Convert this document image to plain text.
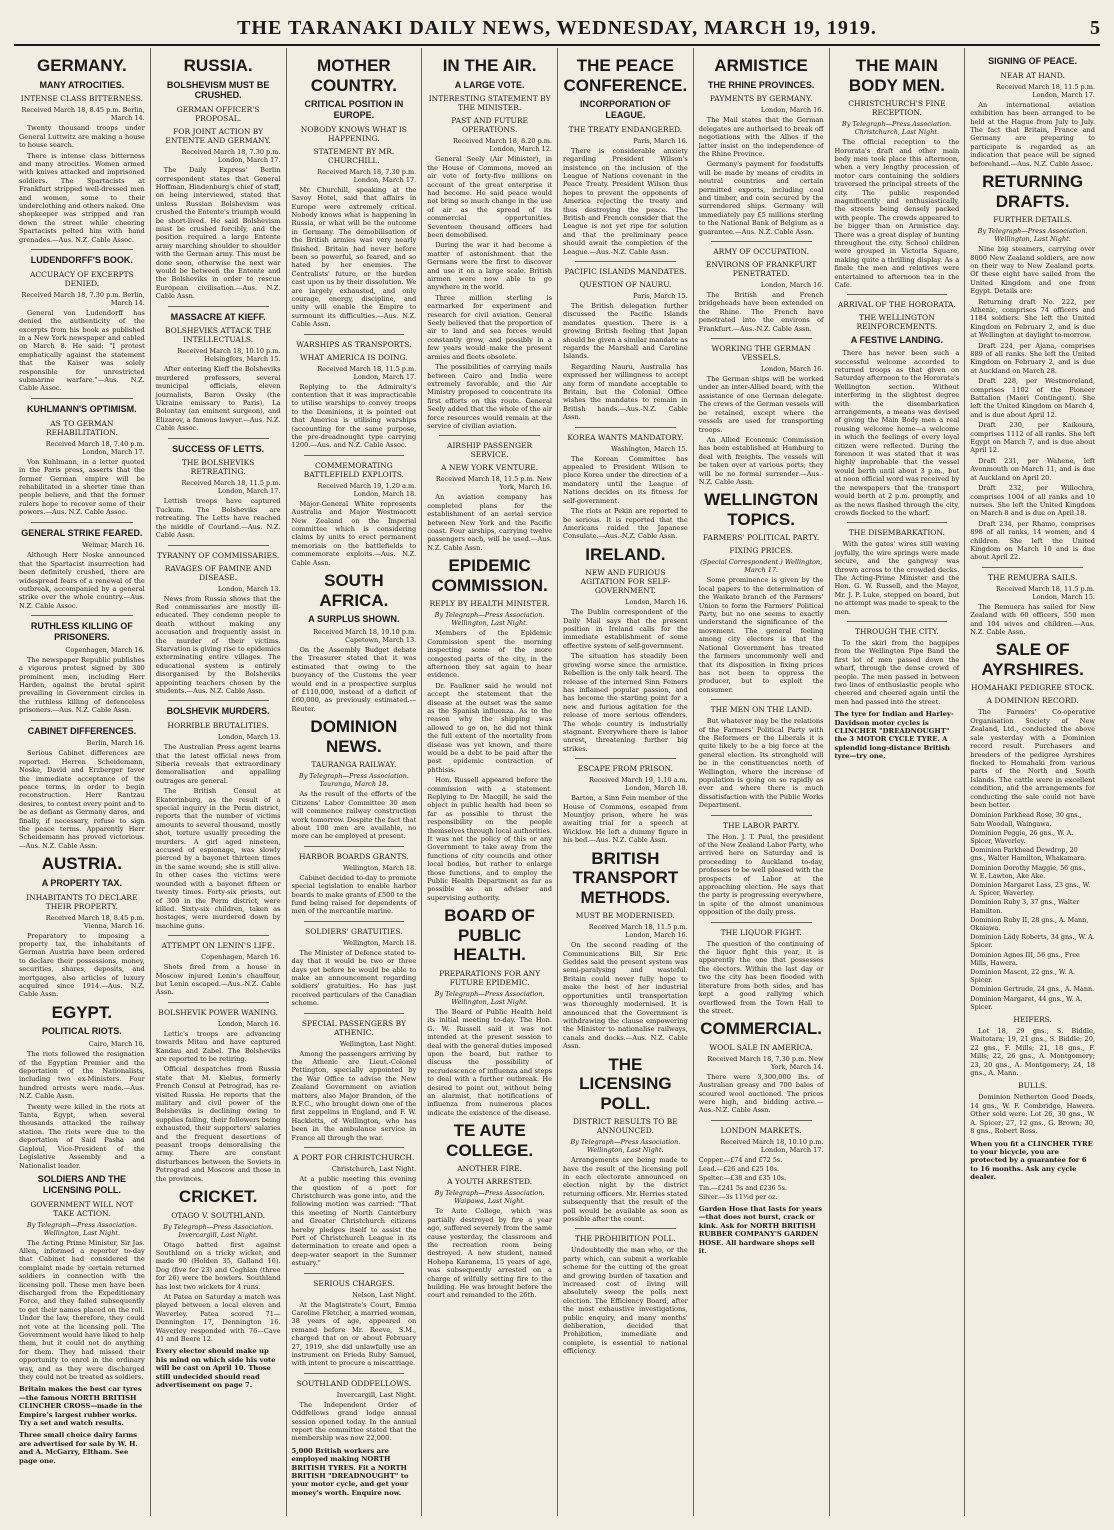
THE TARANAKI DAILY NEWS, WEDNESDAY, MARCH 19, 1919.	5
GERMANY.
MANY ATROCITIES.
INTENSE CLASS BITTERNESS.
Received March 18, 8.45 p.m. Berlin, March 14.

Twenty thousand troops under General Luttwitz are making a house to house search.

There is intense class bitterness and many atrocities. Women armed with knives attacked and imprisoned soldiers. The Spartacists at Frankfurt stripped well-dressed men and women, some to their underclothing and others naked. One shopkeeper was stripped and ran down the street while cheering Spartacists pelted him with hand grenades.—Aus. N.Z. Cable Assoc.

LUDENDORFF'S BOOK.
ACCURACY OF EXCERPTS DENIED.
Received March 18, 7.30 p.m. Berlin, March 14.

General von Ludendorff has denied the authenticity of the excerpts from his book as published in a New York newspaper and cabled on March 8. He said: "I protest emphatically against the statement that the Kaiser was solely responsible for unrestricted submarine warfare."—Aus. N.Z. Cable Assoc.

KUHLMANN'S OPTIMISM.
AS TO GERMAN REHABILITATION.
Received March 18, 7.40 p.m. London, March 17.

Von Kuhlmann, in a letter quoted in the Paris press, asserts that the former German empire will be rehabilitated in a shorter time than people believe, and that the former rulers hope to recover some of their powers.—Aus. N.Z. Cable Assoc.

GENERAL STRIKE FEARED.
Weimar, March 16.

Although Herr Noske announced that the Spartacist insurrection had been definitely crushed, there are widespread fears of a renewal of the outbreak, accompanied by a general strike over the whole country.—Aus. N.Z. Cable Assoc.

RUTHLESS KILLING OF PRISONERS.
Copenhagen, March 16.

The newspaper Republic publishes a vigorous protest signed by 300 prominent men, including Herr Harden, against the brutal spirit prevailing in Government circles in the ruthless killing of defenceless prisoners.—Aus. N.Z. Cable Assn.

CABINET DIFFERENCES.
Berlin, March 16.

Serious Cabinet differences are reported. Herren Scheidemann, Noske, David and Erzberger favor the immediate acceptance of the peace terms, in order to begin reconstruction. Herr Rantzau desires, to contest every point and to be as defiant as Germany dares, and finally, if necessary, refuse to sign the peace terms. Apparently Herr Scheidemann has proved victorious.—Aus. N.Z. Cable Assn.

AUSTRIA.
A PROPERTY TAX.
INHABITANTS TO DECLARE THEIR PROPERTY.
Received March 18, 8.45 p.m. Vienna, March 16.

Preparatory to imposing a property tax, the inhabitants of German Austria have been ordered to declare their possessions, money, securities, shares, deposits, and mortgages, also articles of luxury acquired since 1914.—Aus. N.Z. Cable Assn.

EGYPT.
POLITICAL RIOTS.
Cairo, March 16.

The riots followed the resignation of the Egyptian Premier and the deportation of the Nationalists, including two ex-Ministers. Four hundred arrests were made.—Aus. N.Z. Cable Assn.

Twenty were killed in the riots at Tanta, Egypt, when several thousands attacked the railway station. The riots were due to the deportation of Said Pasha and Gaploul, Vice-President of the Legislative Assembly and a Nationalist leader.

SOLDIERS AND THE LICENSING POLL.
GOVERNMENT WILL NOT TAKE ACTION.
By Telegraph—Press Association. Wellington, Last Night.

The Acting Prime Minister, Sir Jas. Allen, informed a reporter to-day that Cabinet had considered the complaint made by certain returned soldiers in connection with the licensing poll. These men have been discharged from the Expeditionary Force, and they failed subsequently to get their names placed on the roll. Under the law, therefore, they could not vote at the licensing poll. The Government would have liked to help them, but it could not do anything for them. They had missed their opportunity to enrol in the ordinary way, and as they were discharged they could not be treated as soldiers.

Britain makes the best car tyres—the famous NORTH BRITISH CLINCHER CROSS—made in the Empire's largest rubber works. Try a set and watch results.
Three small choice dairy farms are advertised for sale by W. H. and A. McGarry, Eltham. See page one.
RUSSIA.
BOLSHEVISM MUST BE CRUSHED.
GERMAN OFFICER'S PROPOSAL.
FOR JOINT ACTION BY ENTENTE AND GERMANY.
Received March 18, 7.30 p.m. London, March 17.

The Daily Express' Berlin correspondent states that General Hoffman, Hindenburg's chief of staff, on being interviewed, stated that unless Russian Bolshevism was crushed the Entente's triumph would be short-lived. He said Bolshevism must be crushed forcibly, and the position required a large Entente army marching shoulder to shoulder with the German army. This must be done soon, otherwise the next war would be between the Entente and the Bolsheviks in order to rescue European civilisation.—Aus. N.Z. Cable Assn.

MASSACRE AT KIEFF.
BOLSHEVIKS ATTACK THE INTELLECTUALS.
Received March 18, 10.10 p.m. Helsingfors, March 15.

After entering Kieff the Bolsheviks murdered professors, several municipal officials, eleven journalists, Baron Ovsky (the Ukraine emissary to Paris), La Bolontay (an eminent surgeon), and Elizarov, a famous lawyer.—Aus. N.Z. Cable Assoc.

SUCCESS OF LETTS.
THE BOLSHEVIKS RETREATING.
Received March 18, 11.5 p.m. London, March 17.

Lettish troops have captured Tuckum. The Bolsheviks are retreating. The Letts have reached the middle of Courland.—Aus. N.Z. Cable Assn.

TYRANNY OF COMMISSARIES.
RAVAGES OF FAMINE AND DISEASE.
London, March 13.

News from Russia shows that the Red commissaries are mostly ill-educated. They condemn people to death without making any accusation and frequently assist in the murder of their victims. Starvation is giving rise to epidemics exterminating entire villages. The educational system is entirely disorganised by the Bolsheviks appointing teachers chosen by the students.—Aus. N.Z. Cable Assn.

BOLSHEVIK MURDERS.
HORRIBLE BRUTALITIES.
London, March 13.

The Australian Press agent learns that the latest official news from Siberia reveals that extraordinary demoralisation and appalling outrages are general.

The British Consul at Ekaterinburg, as the result of a special inquiry in the Perm district, reports that the number of victims amounts to several thousand, mostly shot, torture usually preceding the murders. A girl aged nineteen, accused of espionage, was slowly pierced by a bayonet thirteen times in the same wound; she is still alive. In other cases the victims were wounded with a bayonet fifteen or twenty times. Forty-six priests, out of 300 in the Perm district, were killed. Sixty-six children, taken as hostages, were murdered down by machine guns.

ATTEMPT ON LENIN'S LIFE.
Copenhagen, March 16.

Shots fired from a house in Moscow injured Lenin's chauffeur, but Lenin escaped.—Aus.-N.Z. Cable Assn.

BOLSHEVIK POWER WANING.
London, March 16.

Lettic's troops are advancing towards Mitau and have captured Kandau and Zabel. The Bolsheviks are reported to be retiring.

Official despatches from Russia state that M. Kiebus, formerly French Consul at Petrograd, has re-visited Russia. He reports that the military and civil power of the Bolsheviks is declining owing to supplies failing, their followers being exhausted, their supporters' salaries and the frequent desertions of peasant troops demoralising the army. There are constant disturbances between the Soviets in Petrograd and Moscow and those in the provinces.

CRICKET.
OTAGO V. SOUTHLAND.
By Telegraph—Press Association. Invercargill, Last Night.

Otago batted first against Southland on a tricky wicket, and made 90 (Holden 35, Galland 16). Dog (five for 23) and Coghlan (three for 26) were the bowlers. Southland has lost two wickets for 4 runs.

At Patea on Saturday a match was played between a local eleven and Waverley. Patea scored 71—Dennington 17, Dennington 16. Waverley responded with 76—Cave 41 and Beere 12.

Every elector should make up his mind on which side his vote will be cast on April 10. Those still undecided should read advertisement on page 7.
MOTHER COUNTRY.
CRITICAL POSITION IN EUROPE.
NOBODY KNOWS WHAT IS HAPPENING.
STATEMENT BY MR. CHURCHILL.
Received March 18, 7.30 p.m. London, March 17.

Mr. Churchill, speaking at the Savoy Hotel, said that affairs in Europe were extremely critical. Nobody knows what is happening in Russia, or what will be the outcome in Germany. The demobilisation of the British armies was very nearly finished. Britain had never before been so powerful, so feared, and so hated by her enemies. The Centralists' future, or the burden cast upon us by their dissolution. We are largely exhausted, and only courage, energy, discipline, and unity will enable the Empire to surmount its difficulties.—Aus. N.Z. Cable Assn.

WARSHIPS AS TRANSPORTS.
WHAT AMERICA IS DOING.
Received March 18, 11.5 p.m. London, March 17.

Replying to the Admiralty's contention that it was impracticable to utilise warships to convey troops to the Dominions, it is pointed out that America is utilising warships (accounting for the same purpose, the pre-dreadnought type carrying 1200.—Aus. and N.Z. Cable Assoc.

COMMEMORATING BATTLEFIELD EXPLOITS.
Received March 19, 1.20 a.m. London, March 18.

Major-General White represents Australia and Major Westmacott New Zealand on the Imperial committee which is considering claims by units to erect permanent memorials on the battlefields to commemorate exploits.—Aus. N.Z. Cable Assn.

SOUTH AFRICA.
A SURPLUS SHOWN.
Received March 18, 10.10 p.m. Capetown, March 13.

On the Assembly Budget debate the Treasurer stated that it was estimated that owing to the buoyancy of the Customs the year would end in a prospective surplus of £110,000, instead of a deficit of £60,000, as previously estimated.—Reuter.

DOMINION NEWS.
TAURANGA RAILWAY.
By Telegraph—Press Association. Tauranga, March 18.

As the result of the efforts of the Citizens' Labor Committee 30 men will commence railway construction work tomorrow. Despite the fact that about 100 men are available, no more can be employed at present.

HARBOR BOARDS GRANTS.
Wellington, March 18.

Cabinet decided to-day to promote special legislation to enable harbor boards to make grants of £500 to the fund being raised for dependents of men of the mercantile marine.

SOLDIERS' GRATUITIES.
Wellington, March 18.

The Minister of Defence stated to-day that it would be two or three days yet before he would be able to make an announcement regarding soldiers' gratuities. He has just received particulars of the Canadian scheme.

SPECIAL PASSENGERS BY ATHENIC.
Wellington, Last Night.

Among the passengers arriving by the Athenic are Lieut.-Colonel Pettington, specially appointed by the War Office to advise the New Zealand Government on aviation matters, also Major Brandon, of the R.F.C., who brought down one of the first zeppelins in England, and F. W. Hackletts, of Wellington, who has been in the ambulance service in France all through the war.

A PORT FOR CHRISTCHURCH.
Christchurch, Last Night.

At a public meeting this evening the question of a port for Christchurch was gone into, and the following motion was carried: "That this meeting of North Canterbury and Greater Christchurch citizens hereby pledges itself to assist the Port of Christchurch League in its determination to create and open a deep-water seaport in the Summer estuary."

SERIOUS CHARGES.
Nelson, Last Night.

At the Magistrate's Court, Emma Caroline Fletcher, a married woman, 38 years of age, appeared on remand before Mr. Reeve, S.M., charged that on or about February 27, 1919, she did unlawfully use an instrument on Frieda Ruby Samuel, with intent to procure a miscarriage.

SOUTHLAND ODDFELLOWS.
Invercargill, Last Night.

The Independent Order of Oddfellows grand lodge annual session opened today. In the annual report the committee stated that the membership was now 22,000.

5,000 British workers are employed making NORTH BRITISH TYRES. Fit a NORTH BRITISH "DREADNOUGHT" to your motor cycle, and get your money's worth. Enquire now.
IN THE AIR.
A LARGE VOTE.
INTERESTING STATEMENT BY THE MINISTER.
PAST AND FUTURE OPERATIONS.
Received March 18, 8.20 p.m. London, March 12.

General Seely (Air Minister), in the House of Commons, moved an air vote of forty-five millions on account of the great enterprise it had become. He said peace would not bring so much change in the use of air as the spread of its commercial opportunities. Seventeen thousand officers had been demobilised.

During the war it had become a matter of astonishment that the Germans were the first to discover and use it on a large scale. British airmen were now able to go anywhere in the world.

Three million sterling is earmarked for experiment and research for civil aviation. General Seely believed that the proportion of air to land and sea forces would constantly grow, and possibly in a few years would make the present armies and fleets obsolete.

The possibilities of carrying mails between Cairo and India were extremely favorable, and the Air Ministry proposed to concentrate its first efforts on this route. General Seely added that the whole of the air force resources would remain at the service of civilian aviation.

AIRSHIP PASSENGER SERVICE.
A NEW YORK VENTURE.
Received March 18, 11.5 p.m. New York, March 16.

An aviation company has completed plans for the establishment of an aerial service between New York and the Pacific coast. Four airships, carrying twelve passengers each, will be used.—Aus. N.Z. Cable Assn.

EPIDEMIC COMMISSION.
REPLY BY HEALTH MINISTER.
By Telegraph—Press Association. Wellington, Last Night.

Members of the Epidemic Commission spent the morning inspecting some of the more congested parts of the city, in the afternoon they sat again to hear evidence.

Dr. Faulkner said he would not accept the statement that the disease at the outset was the same as the Spanish influenza. As to the reason why the shipping was allowed to go on, he did not think the full extent of the mortality from disease was yet known, and there would be a debt to be paid after the post epidemic contraction of phthisis.

Hon. Russell appeared before the commission with a statement. Replying to Dr. Macgill, he said the object in public health had been so far as possible to thrust the responsibility on the people themselves through local authorities. It was not the policy of this or any Government to take away from the functions of city councils and other local bodies, but rather to enlarge those functions, and to employ the Public Health Department as far as possible as an adviser and supervising authority.

BOARD OF PUBLIC HEALTH.
PREPARATIONS FOR ANY FUTURE EPIDEMIC.
By Telegraph—Press Association. Wellington, Last Night.

The Board of Public Health held its initial meeting to-day. The Hon. G. W. Russell said it was not intended at the present session to deal with the general duties imposed upon the board, but rather to discuss the possibility of recrudescence of influenza and steps to deal with a further outbreak. He desired to point out, without being an alarmist, that notifications of influenza from numerous places indicate the existence of the disease.

TE AUTE COLLEGE.
ANOTHER FIRE.
A YOUTH ARRESTED.
By Telegraph—Press Association. Waipawa, Last Night.

Te Aute College, which was partially destroyed by fire a year ago, suffered severely from the same cause yesterday, the classroom and the recreation room being destroyed. A new student, named Hohepa Karanema, 15 years of age, was subsequently arrested on a charge of wilfully setting fire to the building. He was brought before the court and remanded to the 26th.

THE PEACE CONFERENCE.
INCORPORATION OF LEAGUE.
THE TREATY ENDANGERED.
Paris, March 16.

There is considerable anxiety regarding President Wilson's insistence on the inclusion of the League of Nations covenant in the Peace Treaty. President Wilson thus hopes to prevent the opponents of America rejecting the treaty and thus destroying the peace. The British and French consider that the League is not yet ripe for solution and that the preliminary peace should await the completion of the League.—Aus.-N.Z. Cable Assn.

PACIFIC ISLANDS MANDATES.
QUESTION OF NAURU.
Paris, March 15.

The British delegation further discussed the Pacific Islands mandates question. There is a growing British feeling that Japan should be given a similar mandate as regards the Marshall and Caroline Islands.

Regarding Nauru, Australia has expressed her willingness to accept any form of mandate acceptable to Britain, but the Colonial Office wishes the mandates to remain in British hands.—Aus.-N.Z. Cable Assn.

KOREA WANTS MANDATORY.
Washington, March 15.

The Korean Committee has appealed to President Wilson to place Korea under the direction of a mandatory until the League of Nations decides on its fitness for self-government.

The riots at Pekin are reported to be serious. It is reported that the Americans raided the Japanese Consulate.—Aus.-N.Z. Cable Assn.

IRELAND.
NEW AND FURIOUS AGITATION FOR SELF-GOVERNMENT.
London, March 16.

The Dublin correspondent of the Daily Mail says that the present position in Ireland calls for the immediate establishment of some effective system of self-government.

The situation has steadily been growing worse since the armistice. Rebellion is the only talk heard. The release of the interned Sinn Feiners has inflamed popular passion, and has become the starting point for a new and furious agitation for the release of more serious offenders. The whole country is industrially stagnant. Everywhere there is labor unrest, threatening further big strikes.

ESCAPE FROM PRISON.
Received March 19, 1.10 a.m. London, March 18.

Barton, a Sinn Fein member of the House of Commons, escaped from Mountjoy prison, where he was awaiting trial for a speech at Wicklow. He left a dummy figure in his bed.—Aus. N.Z. Cable Assn.

BRITISH TRANSPORT METHODS.
MUST BE MODERNISED.
Received March 18, 11.5 p.m. London, March 16.

On the second reading of the Communications Bill, Sir Eric Geddes said the present system was semi-paralysing and wasteful. Britain could never fully hope to make the best of her industrial opportunities until transportation was thoroughly modernised. It is announced that the Government is withdrawing the clause empowering the Minister to nationalise railways, canals and docks.—Aus. N.Z. Cable Assn.

THE LICENSING POLL.
DISTRICT RESULTS TO BE ANNOUNCED.
By Telegraph—Press Association. Wellington, Last Night.

Arrangements are being made to have the result of the licensing poll in each electorate announced on election night by the district returning officers. Mr. Herries stated subsequently that the result of the poll would be available as soon as possible after the count.

THE PROHIBITION POLL.

Undoubtedly the man who, or the party which, can submit a workable scheme for the cutting of the great and growing burden of taxation and increased cost of living will absolutely sweep the polls next election. The Efficiency Board, after the most exhaustive investigations, public enquiry, and many months' deliberation, decided that Prohibition, immediate and complete, is essential to national efficiency.

ARMISTICE
THE RHINE PROVINCES.
PAYMENTS BY GERMANY.
London, March 16.

The Mail states that the German delegates are authorised to break off negotiations with the Allies if the latter insist on the independence of the Rhine Province.

Germany's payment for foodstuffs will be made by means of credits in neutral countries and certain permitted exports, including coal and timber, and coin secured by the surrendered ships. Germany will immediately pay £5 millions sterling to the National Bank of Belgium as a guarantee.—Aus. N.Z. Cable Assn.

ARMY OF OCCUPATION.
ENVIRONS OF FRANKFURT PENETRATED.
London, March 16.

The British and French bridgeheads have been extended on the Rhine. The French have penetrated into the environs of Frankfurt.—Aus.-N.Z. Cable Assn.

WORKING THE GERMAN VESSELS.
London, March 16.

The German ships will be worked under an inter-Allied board, with the assistance of one German delegate. The crews of the German vessels will be retained, except where the vessels are used for transporting troops.

An Allied Economic Commission has been established at Hamburg to deal with freights. The vessels will be taken over at various ports; they will be no formal surrender.—Aus.-N.Z. Cable Assn.

WELLINGTON TOPICS.
FARMERS' POLITICAL PARTY.
FIXING PRICES.
(Special Correspondent.) Wellington, March 17.

Some prominence is given by the local papers to the determination of the Waikato branch of the Farmers' Union to form the Farmers' Political Party, but no one seems to exactly understand the significance of the movement. The general feeling among city electors is that the National Government has treated the farmers uncommonly well and that its disposition in fixing prices has not been to oppress the producer, but to exploit the consumer.

THE MEN ON THE LAND.

But whatever may be the relations of the Farmers' Political Party with the Reformers or the Liberals it is quite likely to be a big force at the general election. Its stronghold will be in the constituencies north of Wellington, where the increase of population is going on so rapidly as ever and where there is much dissatisfaction with the Public Works Department.

THE LABOR PARTY.

The Hon. J. T. Paul, the president of the New Zealand Labor Party, who arrived here on Saturday and is proceeding to Auckland to-day, professes to be well pleased with the prospects of Labor at the approaching election. He says that the party is progressing everywhere, in spite of the almost unanimous opposition of the daily press.

THE LIQUOR FIGHT.

The question of the continuing of the liquor fight this year, it is apparently the one that possesses the electors. Within the last day or two the city has been flooded with literature from both sides, and has kept a good rallying which overflowed from the Town Hall to the street.

COMMERCIAL.
WOOL SALE IN AMERICA.
Received March 18, 7.30 p.m. New York, March 14.

There were 3,300,000 lbs. of Australian greasy and 700 bales of scoured wool auctioned. The prices were high, and bidding active.—Aus.-N.Z. Cable Assn.

LONDON MARKETS.
Received March 18, 10.10 p.m. London, March 17.
Copper.—£74 and £72 5s.
Lead.—£26 and £25 10s.
Spelter.—£38 and £35 10s.
Tin.—£241 5s and £236 5s.
Silver.—3s 11½d per oz.
Garden Hose that lasts for years—that does not burst, crack or kink. Ask for NORTH BRITISH RUBBER COMPANY'S GARDEN HOSE. All hardware shops sell it.
THE MAIN BODY MEN.
CHRISTCHURCH'S FINE RECEPTION.
By Telegraph—Press Association. Christchurch, Last Night.

The official reception to the Hororata's draft and other main body men took place this afternoon, when a very lengthy procession of motor cars containing the soldiers traversed the principal streets of the city. The public responded magnificently and enthusiastically, the streets being densely packed with people. The crowds appeared to be bigger than on Armistice day. There was a great display of bunting throughout the city. School children were grouped in Victoria Square, making quite a thrilling display. As a finale the men and relatives were entertained to afternoon tea in the Cafe.

ARRIVAL OF THE HORORATA.
THE WELLINGTON REINFORCEMENTS.
A FESTIVE LANDING.

There has never been such a successful welcome accorded to returned troops as that given on Saturday afternoon to the Hororata's Wellington section. Without interfering in the slightest degree with the disembarkation arrangements, a means was devised of giving the Main Body men a real rousing welcome home—a welcome in which the feelings of every loyal citizen were reflected. During the forenoon it was stated that it was highly improbable that the vessel would berth until about 3 p.m., but at noon official word was received by the newspapers that the transport would berth at 2 p.m. promptly, and as the news flashed through the city, crowds flocked to the wharf.

THE DISEMBARKATION.

With the gates' wires still waving joyfully, the wire springs were made secure, and the gangway was thrown across to the crowded decks. The Acting-Prime Minister and the Hon. G. W. Russell, and the Mayor, Mr. J. P. Luke, stepped on board, but no attempt was made to speak to the men.

THROUGH THE CITY.

To the skirl from the bagpipes from the Wellington Pipe Band the first lot of men passed down the wharf, through the dense crowd of people. The men passed in between two lines of enthusiastic people who cheered and cheered again until the men had passed into the street.

The tyre for Indian and Harley-Davidson motor cycles is CLINCHER "DREADNOUGHT" the 3 MOTOR CYCLE TYRE. A splendid long-distance British tyre—try one.
SIGNING OF PEACE.
NEAR AT HAND.
Received March 18, 11.5 p.m. London, March 17.

An international aviation exhibition has been arranged to be held at the Hague from July to July. The fact that Britain, France and Germany are preparing to participate is regarded as an indication that peace will be signed beforehand.—Aus. N.Z. Cable Assoc.

RETURNING DRAFTS.
FURTHER DETAILS.
By Telegraph—Press Association. Wellington, Last Night.

Nine big steamers, carrying over 8000 New Zealand soldiers, are now on their way to New Zealand ports. Of these eight have sailed from the United Kingdom and one from Egypt. Details are:

Returning draft No. 222, per Athenic, comprises 74 officers and 1184 soldiers. She left the United Kingdom on February 2, and is due at Wellington at daylight to-morrow.

Draft 224, per Ajana, comprises 889 of all ranks. She left the United Kingdom on February 2, and is due at Auckland on March 28.

Draft 228, per Westmoreland, comprises 1102 of the Pioneer Battalion (Maori Contingent). She left the United Kingdom on March 4, and is due about April 12.

Draft 230, per Kaikoura, comprises 1112 of all ranks. She left Egypt on March 7, and is due about April 12.

Draft 231, per Wahene, left Avonmouth on March 11, and is due at Auckland on April 20.

Draft 232, per Willochra, comprises 1004 of all ranks and 10 nurses. She left the United Kingdom on March 8 and is due on April 18.

Draft 234, per Rhamo, comprises 898 of all ranks, 14 women, and 4 children. She left the United Kingdom on March 10 and is due about April 22.

THE REMUERA SAILS.
Received March 18, 11.5 p.m. London, March 15.

The Remuera has sailed for New Zealand with 60 officers, 550 men and 104 wives and children.—Aus. N.Z. Cable Assn.

SALE OF AYRSHIRES.
HOMAHAKI PEDIGREE STOCK.
A DOMINION RECORD.

The Farmers' Co-operative Organisation Society of New Zealand, Ltd., conducted the above sale yesterday with a Dominion record result. Purchasers and breeders of the pedigree Ayrshires flocked to Homahaki from various parts of the North and South Islands. The cattle were in excellent condition, and the arrangements for conducting the sale could not have been better.

Dominion Parkhead Rose, 30 gns., Sam Woodall, Waingawa.
Dominion Peggie, 26 gns., W. A. Spicer, Waverley.
Dominion Parkhead Dewdrop, 20 gns., Walter Hamilton, Whakamara.
Dominion Dorothy Maggie, 56 gns., W. E. Lawton, Ake Ake.
Dominion Margaret Lass, 23 gns., W. A. Spicer, Waverley.
Dominion Ruby 3, 37 gns., Walter Hamilton.
Dominion Ruby II, 28 gns., A. Mann, Okaiawa.
Dominion Lady Roberts, 34 gns., W. A. Spicer.
Dominion Agnes III, 56 gns., Free Mills, Hawera.
Dominion Mascot, 22 gns., W. A. Spicer.
Dominion Gertrude, 24 gns., A. Mann.
Dominion Margaret, 44 gns., W. A. Spicer.
HEIFERS.

Lot 18, 29 gns., S. Biddle, Waitotara; 19, 21 gns., S. Biddle; 20, 22 gns., F. Mills; 21, 18 gns., F. Mills; 22, 26 gns., A. Montgomery; 23, 20 gns., A. Montgomery; 24, 18 gns., A. Mann.

BULLS.

Dominion Netherton Good Deeds, 14 gns., W. F. Combridge, Hawera. Other sold were: Lot 26, 30 gns., W. A. Spicer; 27, 12 gns., G. Brown; 30, 8 gns., Robert Ross.

When you fit a CLINCHER TYRE to your bicycle, you are protected by a guarantee for 6 to 16 months. Ask any cycle dealer.
